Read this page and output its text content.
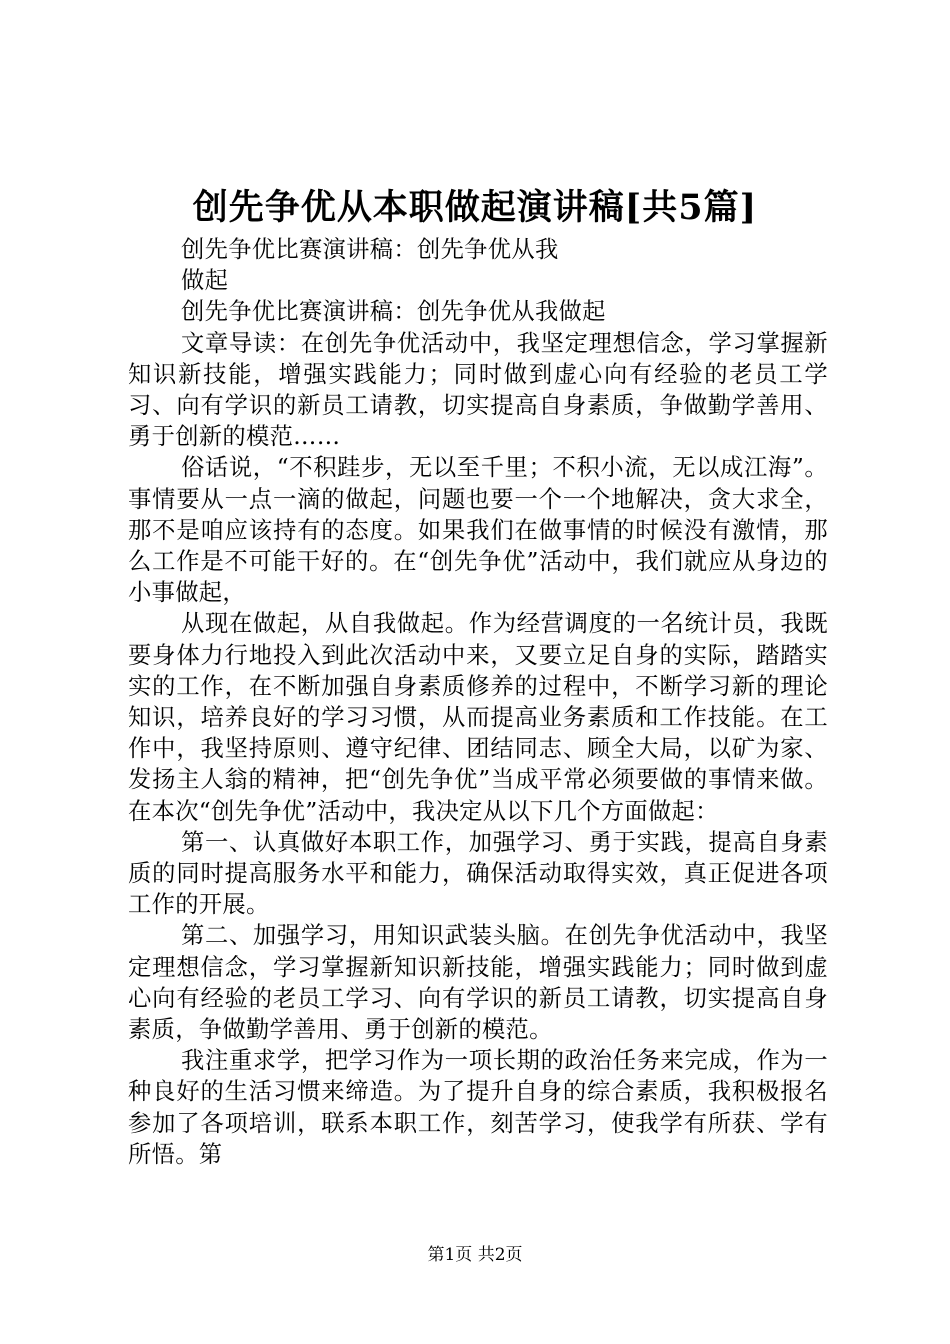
创先争优从本职做起演讲稿[共5篇]
创先争优比赛演讲稿：创先争优从我
做起
创先争优比赛演讲稿：创先争优从我做起

文章导读：在创先争优活动中，我坚定理想信念，学习掌握新知识新技能，增强实践能力；同时做到虚心向有经验的老员工学习、向有学识的新员工请教，切实提高自身素质，争做勤学善用、勇于创新的模范……

俗话说，“不积跬步，无以至千里；不积小流，无以成江海”。事情要从一点一滴的做起，问题也要一个一个地解决，贪大求全，那不是咱应该持有的态度。如果我们在做事情的时候没有激情，那么工作是不可能干好的。在“创先争优”活动中，我们就应从身边的小事做起，

从现在做起，从自我做起。作为经营调度的一名统计员，我既要身体力行地投入到此次活动中来，又要立足自身的实际，踏踏实实的工作，在不断加强自身素质修养的过程中，不断学习新的理论知识，培养良好的学习习惯，从而提高业务素质和工作技能。在工作中，我坚持原则、遵守纪律、团结同志、顾全大局，以矿为家、发扬主人翁的精神，把“创先争优”当成平常必须要做的事情来做。在本次“创先争优”活动中，我决定从以下几个方面做起：

第一、认真做好本职工作，加强学习、勇于实践，提高自身素质的同时提高服务水平和能力，确保活动取得实效，真正促进各项工作的开展。

第二、加强学习，用知识武装头脑。在创先争优活动中，我坚定理想信念，学习掌握新知识新技能，增强实践能力；同时做到虚心向有经验的老员工学习、向有学识的新员工请教，切实提高自身素质，争做勤学善用、勇于创新的模范。

我注重求学，把学习作为一项长期的政治任务来完成，作为一种良好的生活习惯来缔造。为了提升自身的综合素质，我积极报名参加了各项培训，联系本职工作，刻苦学习，使我学有所获、学有所悟。第

第1页 共2页
